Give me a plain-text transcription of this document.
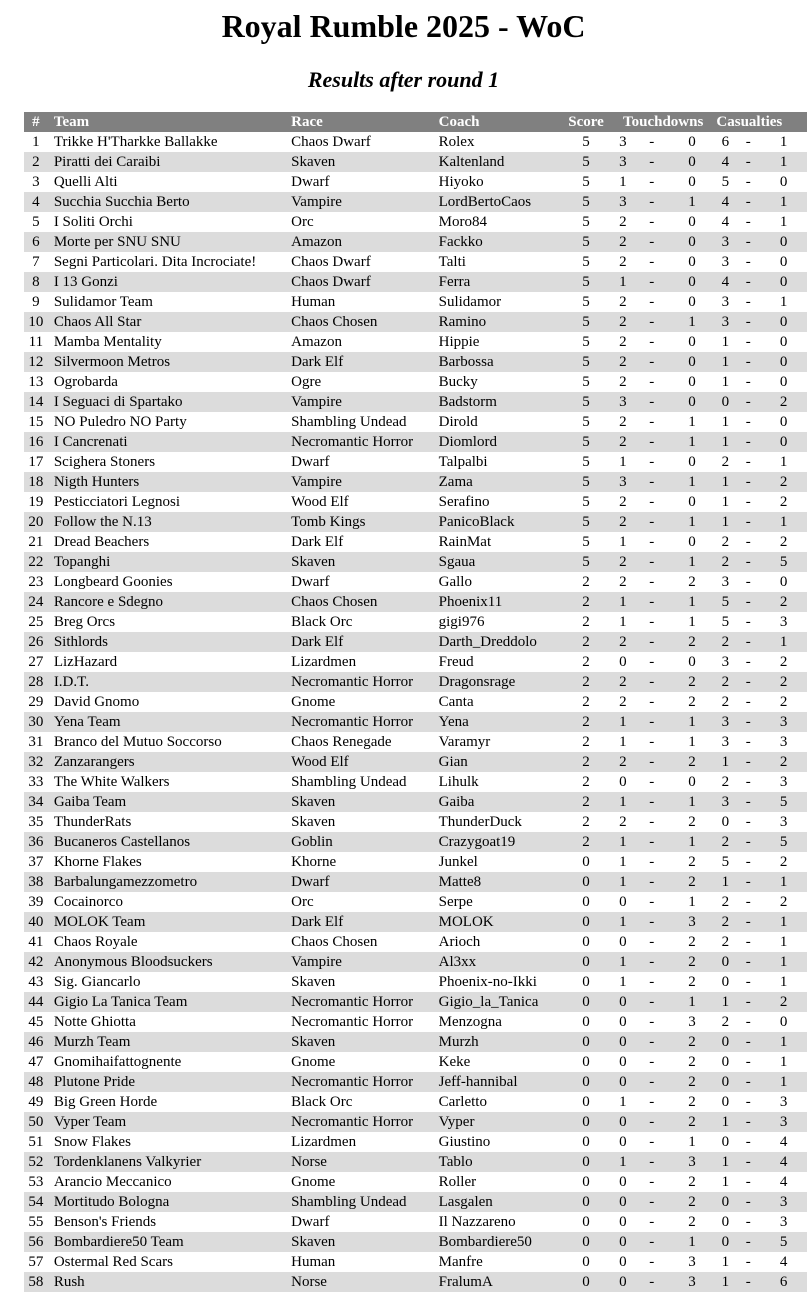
Royal Rumble 2025 - WoC
Results after round 1
#	Team	Race	Coach	Score	Touchdowns			Casualties		
1	Trikke H'Tharkke Ballakke	Chaos Dwarf	Rolex	5	3	-	0	6	-	1
2	Piratti dei Caraibi	Skaven	Kaltenland	5	3	-	0	4	-	1
3	Quelli Alti	Dwarf	Hiyoko	5	1	-	0	5	-	0
4	Succhia Succhia Berto	Vampire	LordBertoCaos	5	3	-	1	4	-	1
5	I Soliti Orchi	Orc	Moro84	5	2	-	0	4	-	1
6	Morte per SNU SNU	Amazon	Fackko	5	2	-	0	3	-	0
7	Segni Particolari. Dita Incrociate!	Chaos Dwarf	Talti	5	2	-	0	3	-	0
8	I 13 Gonzi	Chaos Dwarf	Ferra	5	1	-	0	4	-	0
9	Sulidamor Team	Human	Sulidamor	5	2	-	0	3	-	1
10	Chaos All Star	Chaos Chosen	Ramino	5	2	-	1	3	-	0
11	Mamba Mentality	Amazon	Hippie	5	2	-	0	1	-	0
12	Silvermoon Metros	Dark Elf	Barbossa	5	2	-	0	1	-	0
13	Ogrobarda	Ogre	Bucky	5	2	-	0	1	-	0
14	I Seguaci di Spartako	Vampire	Badstorm	5	3	-	0	0	-	2
15	NO Puledro NO Party	Shambling Undead	Dirold	5	2	-	1	1	-	0
16	I Cancrenati	Necromantic Horror	Diomlord	5	2	-	1	1	-	0
17	Scighera Stoners	Dwarf	Talpalbi	5	1	-	0	2	-	1
18	Nigth Hunters	Vampire	Zama	5	3	-	1	1	-	2
19	Pesticciatori Legnosi	Wood Elf	Serafino	5	2	-	0	1	-	2
20	Follow the N.13	Tomb Kings	PanicoBlack	5	2	-	1	1	-	1
21	Dread Beachers	Dark Elf	RainMat	5	1	-	0	2	-	2
22	Topanghi	Skaven	Sgaua	5	2	-	1	2	-	5
23	Longbeard Goonies	Dwarf	Gallo	2	2	-	2	3	-	0
24	Rancore e Sdegno	Chaos Chosen	Phoenix11	2	1	-	1	5	-	2
25	Breg Orcs	Black Orc	gigi976	2	1	-	1	5	-	3
26	Sithlords	Dark Elf	Darth_Dreddolo	2	2	-	2	2	-	1
27	LizHazard	Lizardmen	Freud	2	0	-	0	3	-	2
28	I.D.T.	Necromantic Horror	Dragonsrage	2	2	-	2	2	-	2
29	David Gnomo	Gnome	Canta	2	2	-	2	2	-	2
30	Yena Team	Necromantic Horror	Yena	2	1	-	1	3	-	3
31	Branco del Mutuo Soccorso	Chaos Renegade	Varamyr	2	1	-	1	3	-	3
32	Zanzarangers	Wood Elf	Gian	2	2	-	2	1	-	2
33	The White Walkers	Shambling Undead	Lihulk	2	0	-	0	2	-	3
34	Gaiba Team	Skaven	Gaiba	2	1	-	1	3	-	5
35	ThunderRats	Skaven	ThunderDuck	2	2	-	2	0	-	3
36	Bucaneros Castellanos	Goblin	Crazygoat19	2	1	-	1	2	-	5
37	Khorne Flakes	Khorne	Junkel	0	1	-	2	5	-	2
38	Barbalungamezzometro	Dwarf	Matte8	0	1	-	2	1	-	1
39	Cocainorco	Orc	Serpe	0	0	-	1	2	-	2
40	MOLOK Team	Dark Elf	MOLOK	0	1	-	3	2	-	1
41	Chaos Royale	Chaos Chosen	Arioch	0	0	-	2	2	-	1
42	Anonymous Bloodsuckers	Vampire	Al3xx	0	1	-	2	0	-	1
43	Sig. Giancarlo	Skaven	Phoenix-no-Ikki	0	1	-	2	0	-	1
44	Gigio La Tanica Team	Necromantic Horror	Gigio_la_Tanica	0	0	-	1	1	-	2
45	Notte Ghiotta	Necromantic Horror	Menzogna	0	0	-	3	2	-	0
46	Murzh Team	Skaven	Murzh	0	0	-	2	0	-	1
47	Gnomihaifattognente	Gnome	Keke	0	0	-	2	0	-	1
48	Plutone Pride	Necromantic Horror	Jeff-hannibal	0	0	-	2	0	-	1
49	Big Green Horde	Black Orc	Carletto	0	1	-	2	0	-	3
50	Vyper Team	Necromantic Horror	Vyper	0	0	-	2	1	-	3
51	Snow Flakes	Lizardmen	Giustino	0	0	-	1	0	-	4
52	Tordenklanens Valkyrier	Norse	Tablo	0	1	-	3	1	-	4
53	Arancio Meccanico	Gnome	Roller	0	0	-	2	1	-	4
54	Mortitudo Bologna	Shambling Undead	Lasgalen	0	0	-	2	0	-	3
55	Benson's Friends	Dwarf	Il Nazzareno	0	0	-	2	0	-	3
56	Bombardiere50 Team	Skaven	Bombardiere50	0	0	-	1	0	-	5
57	Ostermal Red Scars	Human	Manfre	0	0	-	3	1	-	4
58	Rush	Norse	FralumA	0	0	-	3	1	-	6
